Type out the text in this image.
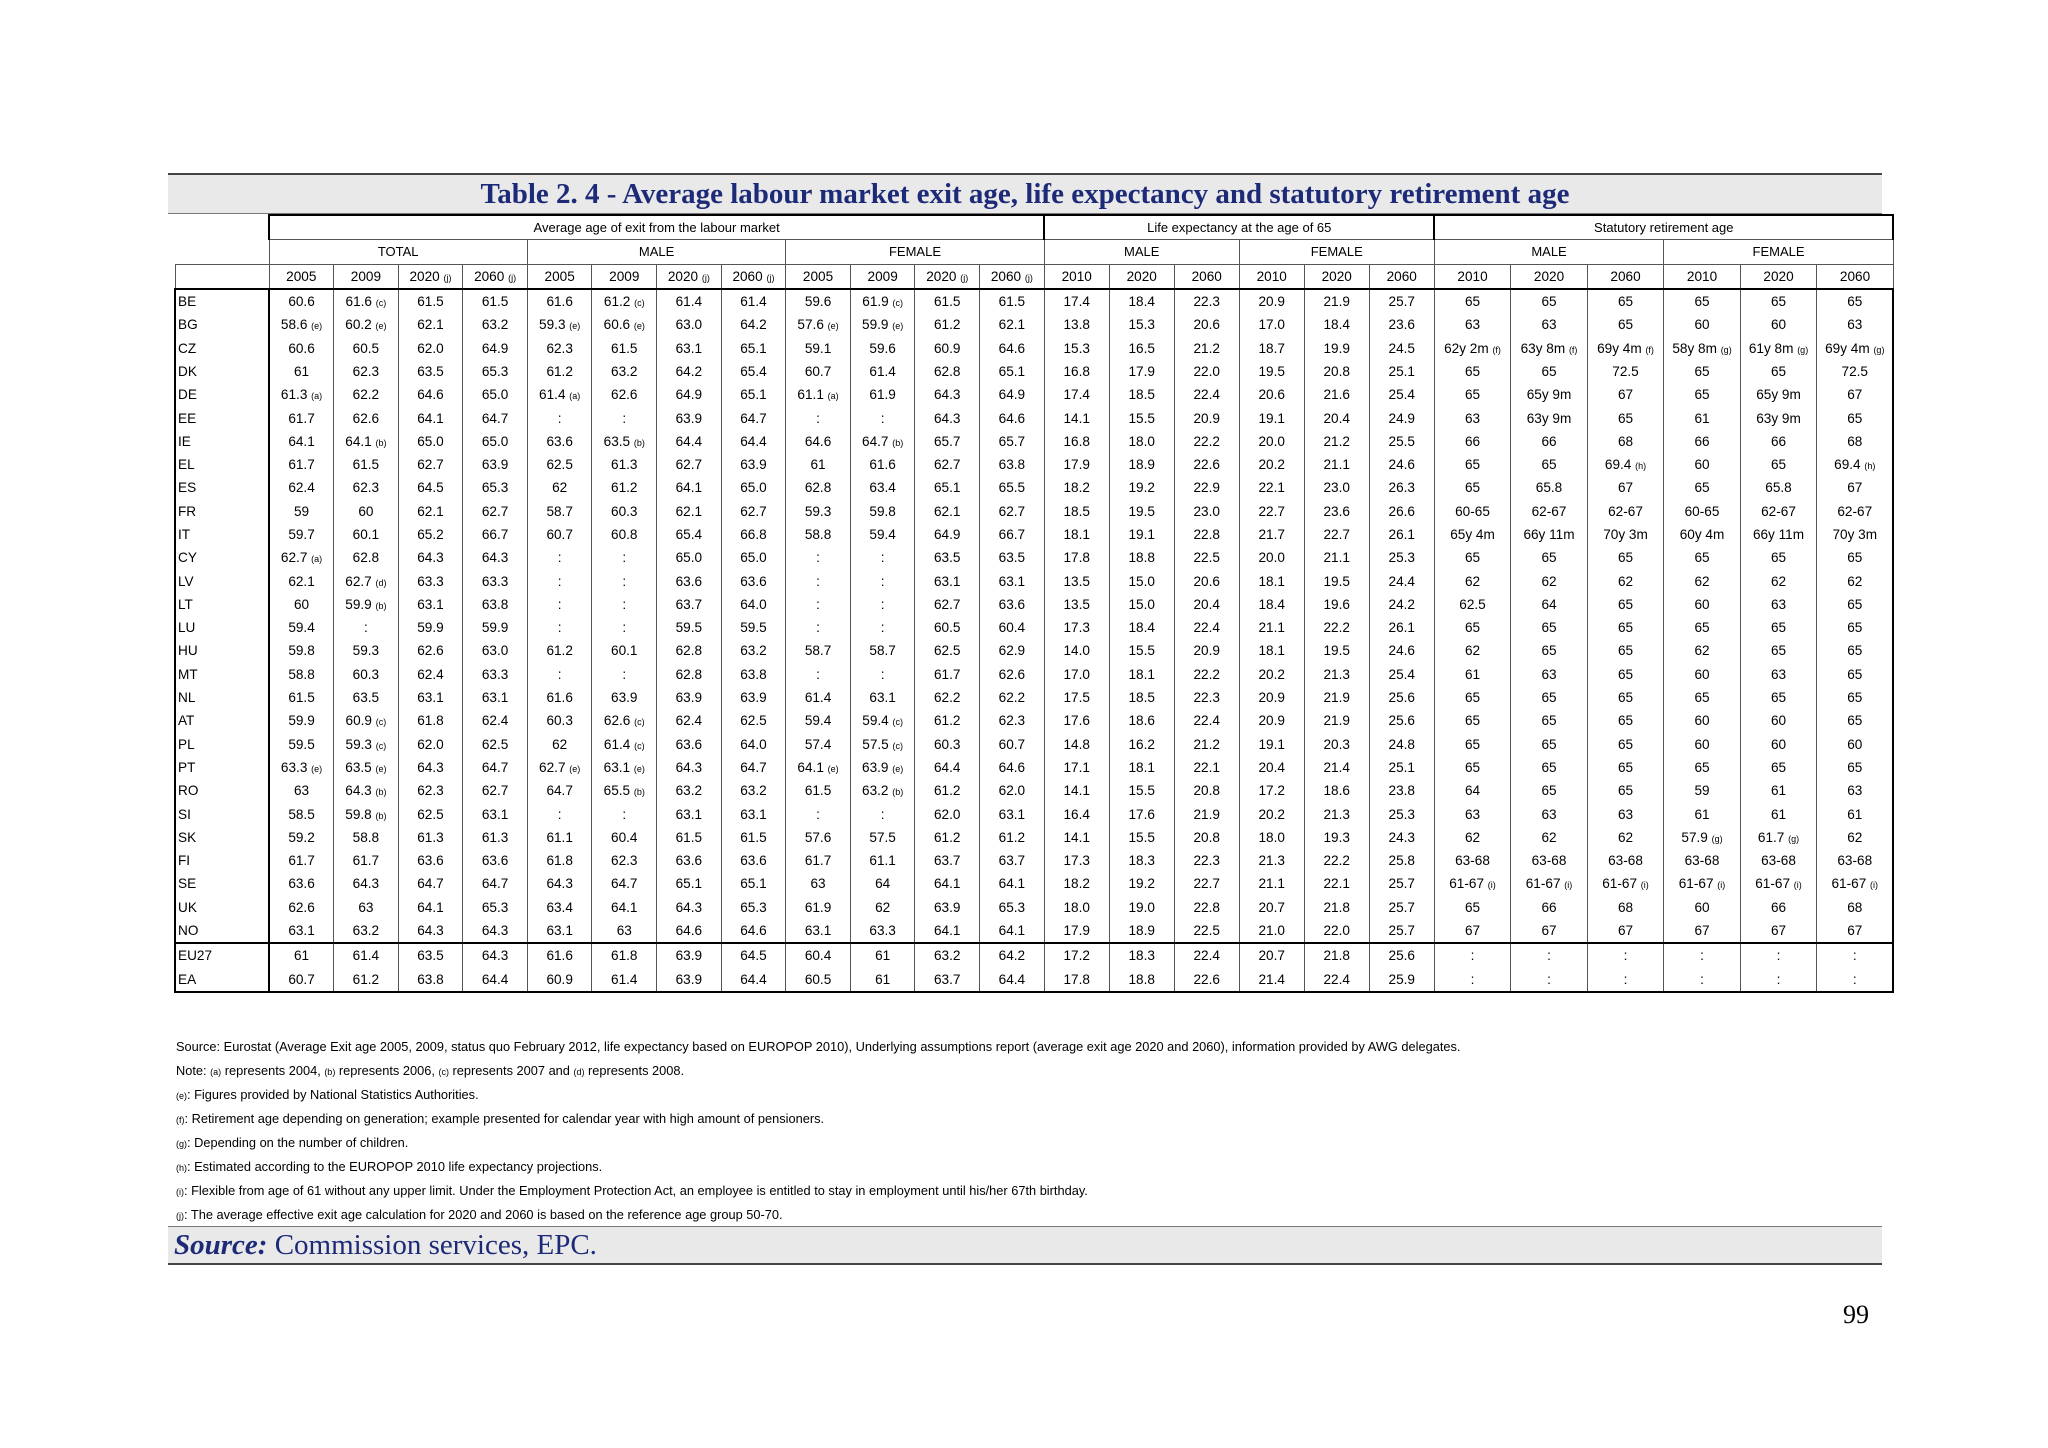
Table 2. 4 - Average labour market exit age, life expectancy and statutory retirement age
	Average age of exit from the labour market												Life expectancy at the age of 65						Statutory retirement age					
	TOTAL				MALE				FEMALE				MALE			FEMALE			MALE			FEMALE		
	2005	2009	2020 (j)	2060 (j)	2005	2009	2020 (j)	2060 (j)	2005	2009	2020 (j)	2060 (j)	2010	2020	2060	2010	2020	2060	2010	2020	2060	2010	2020	2060
BE	60.6	61.6 (c)	61.5	61.5	61.6	61.2 (c)	61.4	61.4	59.6	61.9 (c)	61.5	61.5	17.4	18.4	22.3	20.9	21.9	25.7	65	65	65	65	65	65
BG	58.6 (e)	60.2 (e)	62.1	63.2	59.3 (e)	60.6 (e)	63.0	64.2	57.6 (e)	59.9 (e)	61.2	62.1	13.8	15.3	20.6	17.0	18.4	23.6	63	63	65	60	60	63
CZ	60.6	60.5	62.0	64.9	62.3	61.5	63.1	65.1	59.1	59.6	60.9	64.6	15.3	16.5	21.2	18.7	19.9	24.5	62y 2m (f)	63y 8m (f)	69y 4m (f)	58y 8m (g)	61y 8m (g)	69y 4m (g)
DK	61	62.3	63.5	65.3	61.2	63.2	64.2	65.4	60.7	61.4	62.8	65.1	16.8	17.9	22.0	19.5	20.8	25.1	65	65	72.5	65	65	72.5
DE	61.3 (a)	62.2	64.6	65.0	61.4 (a)	62.6	64.9	65.1	61.1 (a)	61.9	64.3	64.9	17.4	18.5	22.4	20.6	21.6	25.4	65	65y 9m	67	65	65y 9m	67
EE	61.7	62.6	64.1	64.7	:	:	63.9	64.7	:	:	64.3	64.6	14.1	15.5	20.9	19.1	20.4	24.9	63	63y 9m	65	61	63y 9m	65
IE	64.1	64.1 (b)	65.0	65.0	63.6	63.5 (b)	64.4	64.4	64.6	64.7 (b)	65.7	65.7	16.8	18.0	22.2	20.0	21.2	25.5	66	66	68	66	66	68
EL	61.7	61.5	62.7	63.9	62.5	61.3	62.7	63.9	61	61.6	62.7	63.8	17.9	18.9	22.6	20.2	21.1	24.6	65	65	69.4 (h)	60	65	69.4 (h)
ES	62.4	62.3	64.5	65.3	62	61.2	64.1	65.0	62.8	63.4	65.1	65.5	18.2	19.2	22.9	22.1	23.0	26.3	65	65.8	67	65	65.8	67
FR	59	60	62.1	62.7	58.7	60.3	62.1	62.7	59.3	59.8	62.1	62.7	18.5	19.5	23.0	22.7	23.6	26.6	60-65	62-67	62-67	60-65	62-67	62-67
IT	59.7	60.1	65.2	66.7	60.7	60.8	65.4	66.8	58.8	59.4	64.9	66.7	18.1	19.1	22.8	21.7	22.7	26.1	65y 4m	66y 11m	70y 3m	60y 4m	66y 11m	70y 3m
CY	62.7 (a)	62.8	64.3	64.3	:	:	65.0	65.0	:	:	63.5	63.5	17.8	18.8	22.5	20.0	21.1	25.3	65	65	65	65	65	65
LV	62.1	62.7 (d)	63.3	63.3	:	:	63.6	63.6	:	:	63.1	63.1	13.5	15.0	20.6	18.1	19.5	24.4	62	62	62	62	62	62
LT	60	59.9 (b)	63.1	63.8	:	:	63.7	64.0	:	:	62.7	63.6	13.5	15.0	20.4	18.4	19.6	24.2	62.5	64	65	60	63	65
LU	59.4	:	59.9	59.9	:	:	59.5	59.5	:	:	60.5	60.4	17.3	18.4	22.4	21.1	22.2	26.1	65	65	65	65	65	65
HU	59.8	59.3	62.6	63.0	61.2	60.1	62.8	63.2	58.7	58.7	62.5	62.9	14.0	15.5	20.9	18.1	19.5	24.6	62	65	65	62	65	65
MT	58.8	60.3	62.4	63.3	:	:	62.8	63.8	:	:	61.7	62.6	17.0	18.1	22.2	20.2	21.3	25.4	61	63	65	60	63	65
NL	61.5	63.5	63.1	63.1	61.6	63.9	63.9	63.9	61.4	63.1	62.2	62.2	17.5	18.5	22.3	20.9	21.9	25.6	65	65	65	65	65	65
AT	59.9	60.9 (c)	61.8	62.4	60.3	62.6 (c)	62.4	62.5	59.4	59.4 (c)	61.2	62.3	17.6	18.6	22.4	20.9	21.9	25.6	65	65	65	60	60	65
PL	59.5	59.3 (c)	62.0	62.5	62	61.4 (c)	63.6	64.0	57.4	57.5 (c)	60.3	60.7	14.8	16.2	21.2	19.1	20.3	24.8	65	65	65	60	60	60
PT	63.3 (e)	63.5 (e)	64.3	64.7	62.7 (e)	63.1 (e)	64.3	64.7	64.1 (e)	63.9 (e)	64.4	64.6	17.1	18.1	22.1	20.4	21.4	25.1	65	65	65	65	65	65
RO	63	64.3 (b)	62.3	62.7	64.7	65.5 (b)	63.2	63.2	61.5	63.2 (b)	61.2	62.0	14.1	15.5	20.8	17.2	18.6	23.8	64	65	65	59	61	63
SI	58.5	59.8 (b)	62.5	63.1	:	:	63.1	63.1	:	:	62.0	63.1	16.4	17.6	21.9	20.2	21.3	25.3	63	63	63	61	61	61
SK	59.2	58.8	61.3	61.3	61.1	60.4	61.5	61.5	57.6	57.5	61.2	61.2	14.1	15.5	20.8	18.0	19.3	24.3	62	62	62	57.9 (g)	61.7 (g)	62
FI	61.7	61.7	63.6	63.6	61.8	62.3	63.6	63.6	61.7	61.1	63.7	63.7	17.3	18.3	22.3	21.3	22.2	25.8	63-68	63-68	63-68	63-68	63-68	63-68
SE	63.6	64.3	64.7	64.7	64.3	64.7	65.1	65.1	63	64	64.1	64.1	18.2	19.2	22.7	21.1	22.1	25.7	61-67 (i)	61-67 (i)	61-67 (i)	61-67 (i)	61-67 (i)	61-67 (i)
UK	62.6	63	64.1	65.3	63.4	64.1	64.3	65.3	61.9	62	63.9	65.3	18.0	19.0	22.8	20.7	21.8	25.7	65	66	68	60	66	68
NO	63.1	63.2	64.3	64.3	63.1	63	64.6	64.6	63.1	63.3	64.1	64.1	17.9	18.9	22.5	21.0	22.0	25.7	67	67	67	67	67	67
EU27	61	61.4	63.5	64.3	61.6	61.8	63.9	64.5	60.4	61	63.2	64.2	17.2	18.3	22.4	20.7	21.8	25.6	:	:	:	:	:	:
EA	60.7	61.2	63.8	64.4	60.9	61.4	63.9	64.4	60.5	61	63.7	64.4	17.8	18.8	22.6	21.4	22.4	25.9	:	:	:	:	:	:
Source: Eurostat (Average Exit age 2005, 2009, status quo February 2012, life expectancy based on EUROPOP 2010), Underlying assumptions report (average exit age 2020 and 2060), information provided by AWG delegates.
Note: (a) represents 2004, (b) represents 2006, (c) represents 2007 and (d) represents 2008.
(e): Figures provided by National Statistics Authorities.
(f): Retirement age depending on generation; example presented for calendar year with high amount of pensioners.
(g): Depending on the number of children.
(h): Estimated according to the EUROPOP 2010 life expectancy projections.
(i): Flexible from age of 61 without any upper limit. Under the Employment Protection Act, an employee is entitled to stay in employment until his/her 67th birthday.
(j): The average effective exit age calculation for 2020 and 2060 is based on the reference age group 50-70.
Source: Commission services, EPC.
99
